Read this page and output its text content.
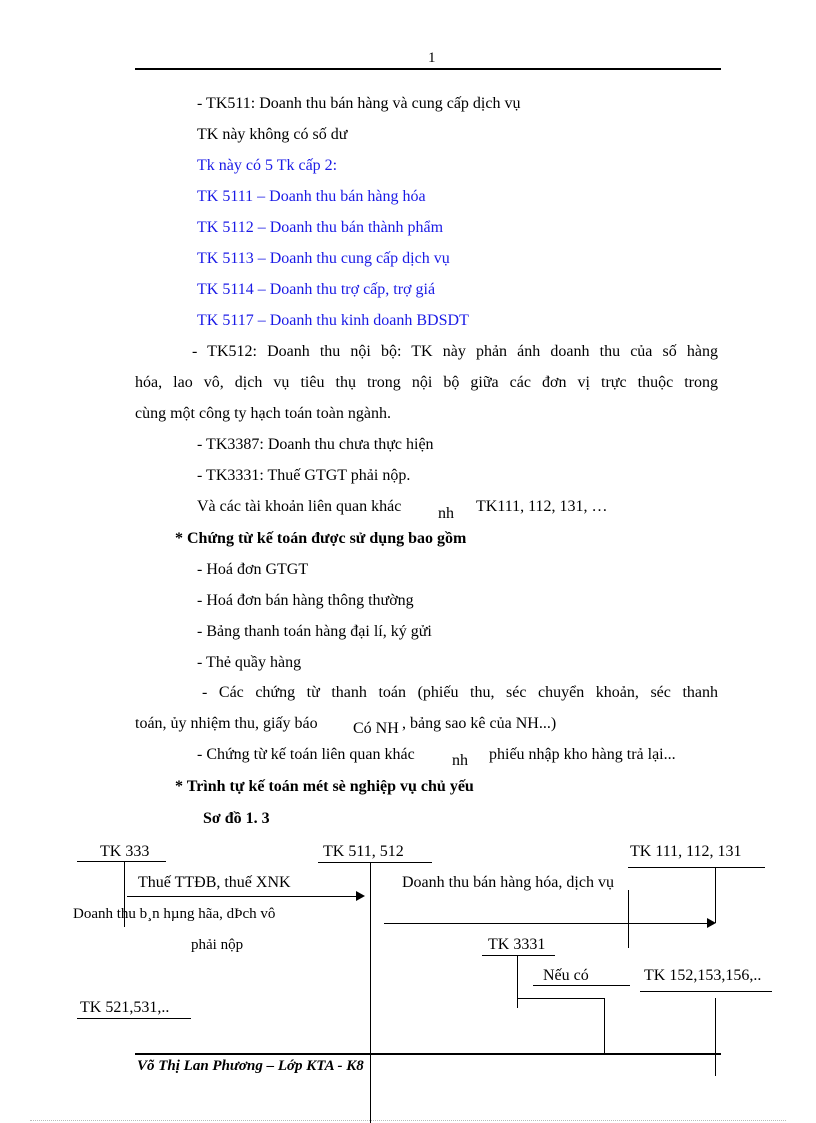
1
- TK511: Doanh thu bán hàng và cung cấp dịch vụ
TK này không có số dư
Tk này có 5 Tk cấp 2:
TK 5111 – Doanh thu bán hàng hóa
TK 5112 – Doanh thu bán thành phẩm
TK 5113 – Doanh thu cung cấp dịch vụ
TK 5114 – Doanh thu trợ cấp, trợ giá
TK 5117 – Doanh thu kinh doanh BDSDT
- TK512: Doanh thu nội bộ: TK này phản ánh doanh thu của số hàng
hóa, lao vô, dịch vụ tiêu thụ trong nội bộ giữa các đơn vị trực thuộc trong
cùng một công ty hạch toán toàn ngành.
- TK3387: Doanh thu chưa thực hiện
- TK3331: Thuế GTGT phải nộp.
Và các tài khoản liên quan khác nh TK111, 112, 131, …
* Chứng từ kế toán được sử dụng bao gồm
- Hoá đơn GTGT
- Hoá đơn bán hàng thông thường
- Bảng thanh toán hàng đại lí, ký gửi
- Thẻ quầy hàng
- Các chứng từ thanh toán (phiếu thu, séc chuyển khoản, séc thanh
toán, ủy nhiệm thu, giấy báo Có NH , bảng sao kê của NH...)
- Chứng từ kế toán liên quan khác nh phiếu nhập kho hàng trả lại...
* Trình tự kế toán mét sè nghiệp vụ chủ yếu
Sơ đồ 1. 3
TK 333	TK 511, 512	TK 111, 112, 131
Thuế TTĐB, thuế XNK	Doanh thu bán hàng hóa, dịch vụ
Doanh thu b¸n hµng hãa, dÞch vô
phải nộp	TK 3331
Nếu có	TK 152,153,156,..
TK 521,531,..
Võ Thị Lan Phương – Lớp KTA - K8
